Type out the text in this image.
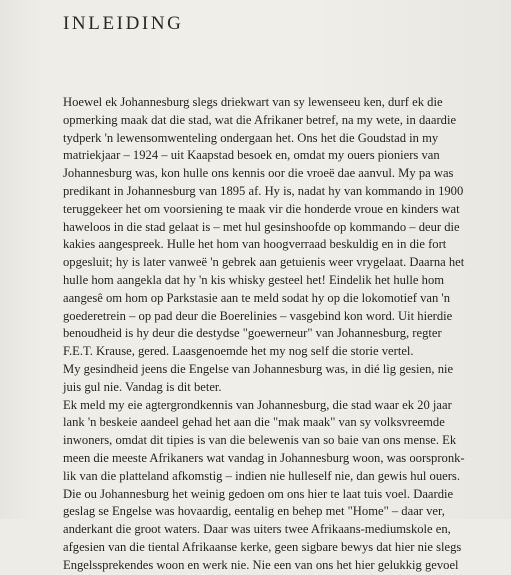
INLEIDING
Hoewel ek Johannesburg slegs driekwart van sy lewenseeu ken, durf ek die
opmerking maak dat die stad, wat die Afrikaner betref, na my wete, in daardie
tydperk 'n lewensomwenteling ondergaan het. Ons het die Goudstad in my
matriekjaar – 1924 – uit Kaapstad besoek en, omdat my ouers pioniers van
Johannesburg was, kon hulle ons kennis oor die vroeë dae aanvul. My pa was
predikant in Johannesburg van 1895 af. Hy is, nadat hy van kommando in 1900
teruggekeer het om voorsiening te maak vir die honderde vroue en kinders wat
haweloos in die stad gelaat is – met hul gesinshoofde op kommando – deur die
kakies aangespreek. Hulle het hom van hoogverraad beskuldig en in die fort
opgesluit; hy is later vanweë 'n gebrek aan getuienis weer vrygelaat. Daarna het
hulle hom aangekla dat hy 'n kis whisky gesteel het! Eindelik het hulle hom
aangesê om hom op Parkstasie aan te meld sodat hy op die lokomotief van 'n
goederetrein – op pad deur die Boerelinies – vasgebind kon word. Uit hierdie
benoudheid is hy deur die destydse "goewerneur" van Johannesburg, regter
F.E.T. Krause, gered. Laasgenoemde het my nog self die storie vertel.
My gesindheid jeens die Engelse van Johannesburg was, in dié lig gesien, nie
juis gul nie. Vandag is dit beter.
Ek meld my eie agtergrondkennis van Johannesburg, die stad waar ek 20 jaar
lank 'n beskeie aandeel gehad het aan die "mak maak" van sy volksvreemde
inwoners, omdat dit tipies is van die belewenis van so baie van ons mense. Ek
meen die meeste Afrikaners wat vandag in Johannesburg woon, was oorspronk-
lik van die platteland afkomstig – indien nie hulleself nie, dan gewis hul ouers.
Die ou Johannesburg het weinig gedoen om ons hier te laat tuis voel. Daardie
geslag se Engelse was hovaardig, eentalig en behep met "Home" – daar ver,
anderkant die groot waters. Daar was uiters twee Afrikaans-mediumskole en,
afgesien van die tiental Afrikaanse kerke, geen sigbare bewys dat hier nie slegs
Engelssprekendes woon en werk nie. Nie een van ons het hier gelukkig gevoel
